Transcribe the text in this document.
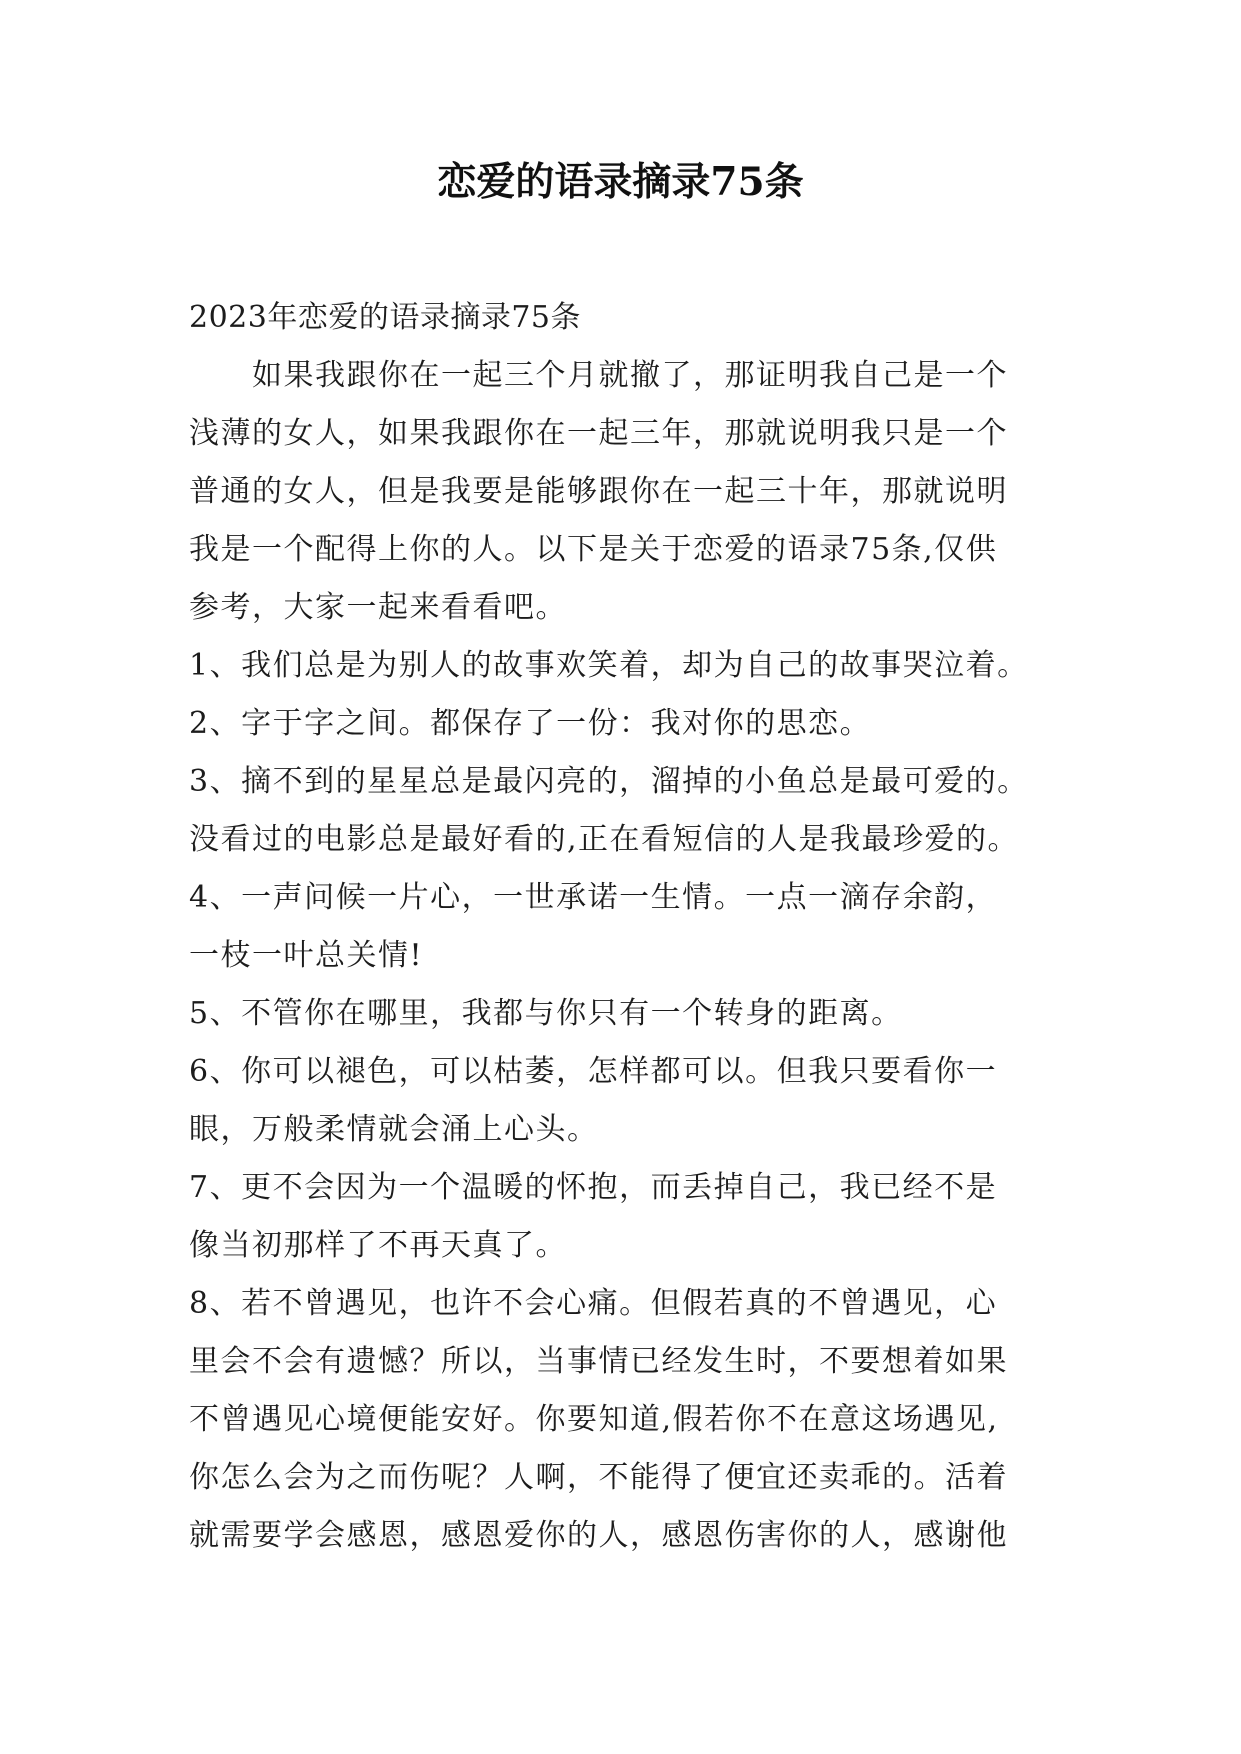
恋爱的语录摘录75条
2023年恋爱的语录摘录75条
　　如果我跟你在一起三个月就撤了，那证明我自己是一个
浅薄的女人，如果我跟你在一起三年，那就说明我只是一个
普通的女人，但是我要是能够跟你在一起三十年，那就说明
我是一个配得上你的人。以下是关于恋爱的语录75条,仅供
参考，大家一起来看看吧。
1、我们总是为别人的故事欢笑着，却为自己的故事哭泣着。
2、字于字之间。都保存了一份：我对你的思恋。
3、摘不到的星星总是最闪亮的，溜掉的小鱼总是最可爱的。
没看过的电影总是最好看的,正在看短信的人是我最珍爱的。
4、一声问候一片心，一世承诺一生情。一点一滴存余韵，
一枝一叶总关情!
5、不管你在哪里，我都与你只有一个转身的距离。
6、你可以褪色，可以枯萎，怎样都可以。但我只要看你一
眼，万般柔情就会涌上心头。
7、更不会因为一个温暖的怀抱，而丢掉自己，我已经不是
像当初那样了不再天真了。
8、若不曾遇见，也许不会心痛。但假若真的不曾遇见，心
里会不会有遗憾？所以，当事情已经发生时，不要想着如果
不曾遇见心境便能安好。你要知道,假若你不在意这场遇见,
你怎么会为之而伤呢？人啊，不能得了便宜还卖乖的。活着
就需要学会感恩，感恩爱你的人，感恩伤害你的人，感谢他
